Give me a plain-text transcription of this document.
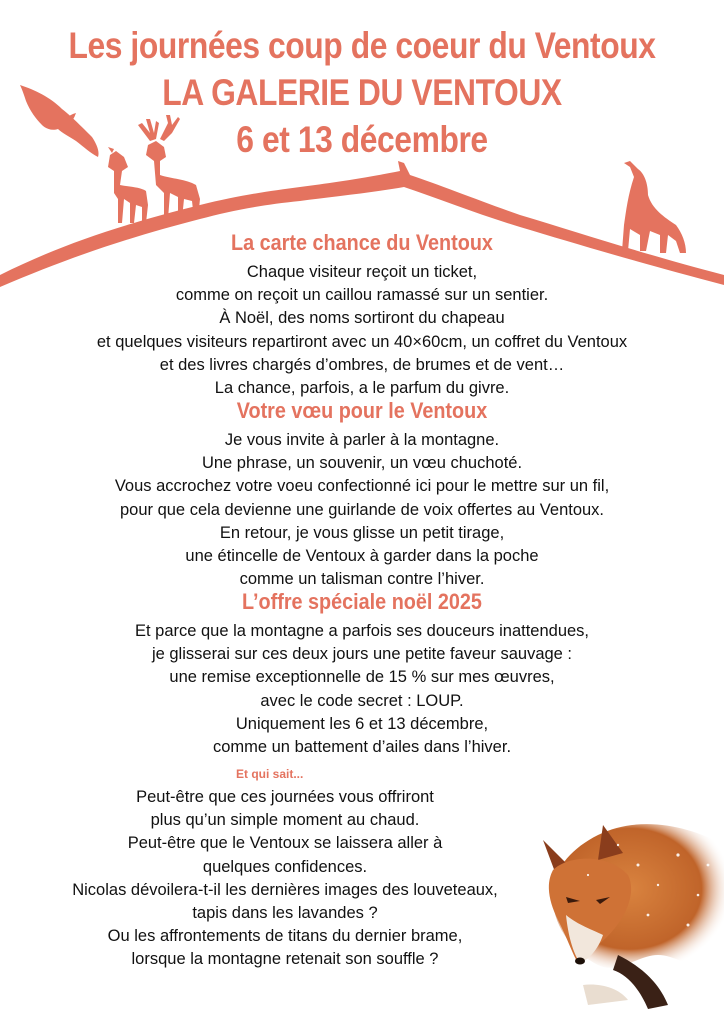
Les journées coup de coeur du Ventoux
LA GALERIE DU VENTOUX
6 et 13 décembre
La carte chance du Ventoux
Chaque visiteur reçoit un ticket,
comme on reçoit un caillou ramassé sur un sentier.
À Noël, des noms sortiront du chapeau
et quelques visiteurs repartiront avec un 40×60cm, un coffret du Ventoux
et des livres chargés d’ombres, de brumes et de vent…
La chance, parfois, a le parfum du givre.
Votre vœu pour le Ventoux
Je vous invite à parler à la montagne.
Une phrase, un souvenir, un vœu chuchoté.
Vous accrochez votre voeu confectionné ici pour le mettre sur un fil,
pour que cela devienne une guirlande de voix offertes au Ventoux.
En retour, je vous glisse un petit tirage,
une étincelle de Ventoux à garder dans la poche
comme un talisman contre l’hiver.
L’offre spéciale noël 2025
Et parce que la montagne a parfois ses douceurs inattendues,
je glisserai sur ces deux jours une petite faveur sauvage :
une remise exceptionnelle de 15 % sur mes œuvres,
avec le code secret : LOUP.
Uniquement les 6 et 13 décembre,
comme un battement d’ailes dans l’hiver.
Et qui sait...
Peut-être que ces journées vous offriront
plus qu’un simple moment au chaud.
Peut-être que le Ventoux se laissera aller à
quelques confidences.
Nicolas dévoilera-t-il les dernières images des louveteaux,
tapis dans les lavandes ?
Ou les affrontements de titans du dernier brame,
lorsque la montagne retenait son souffle ?
